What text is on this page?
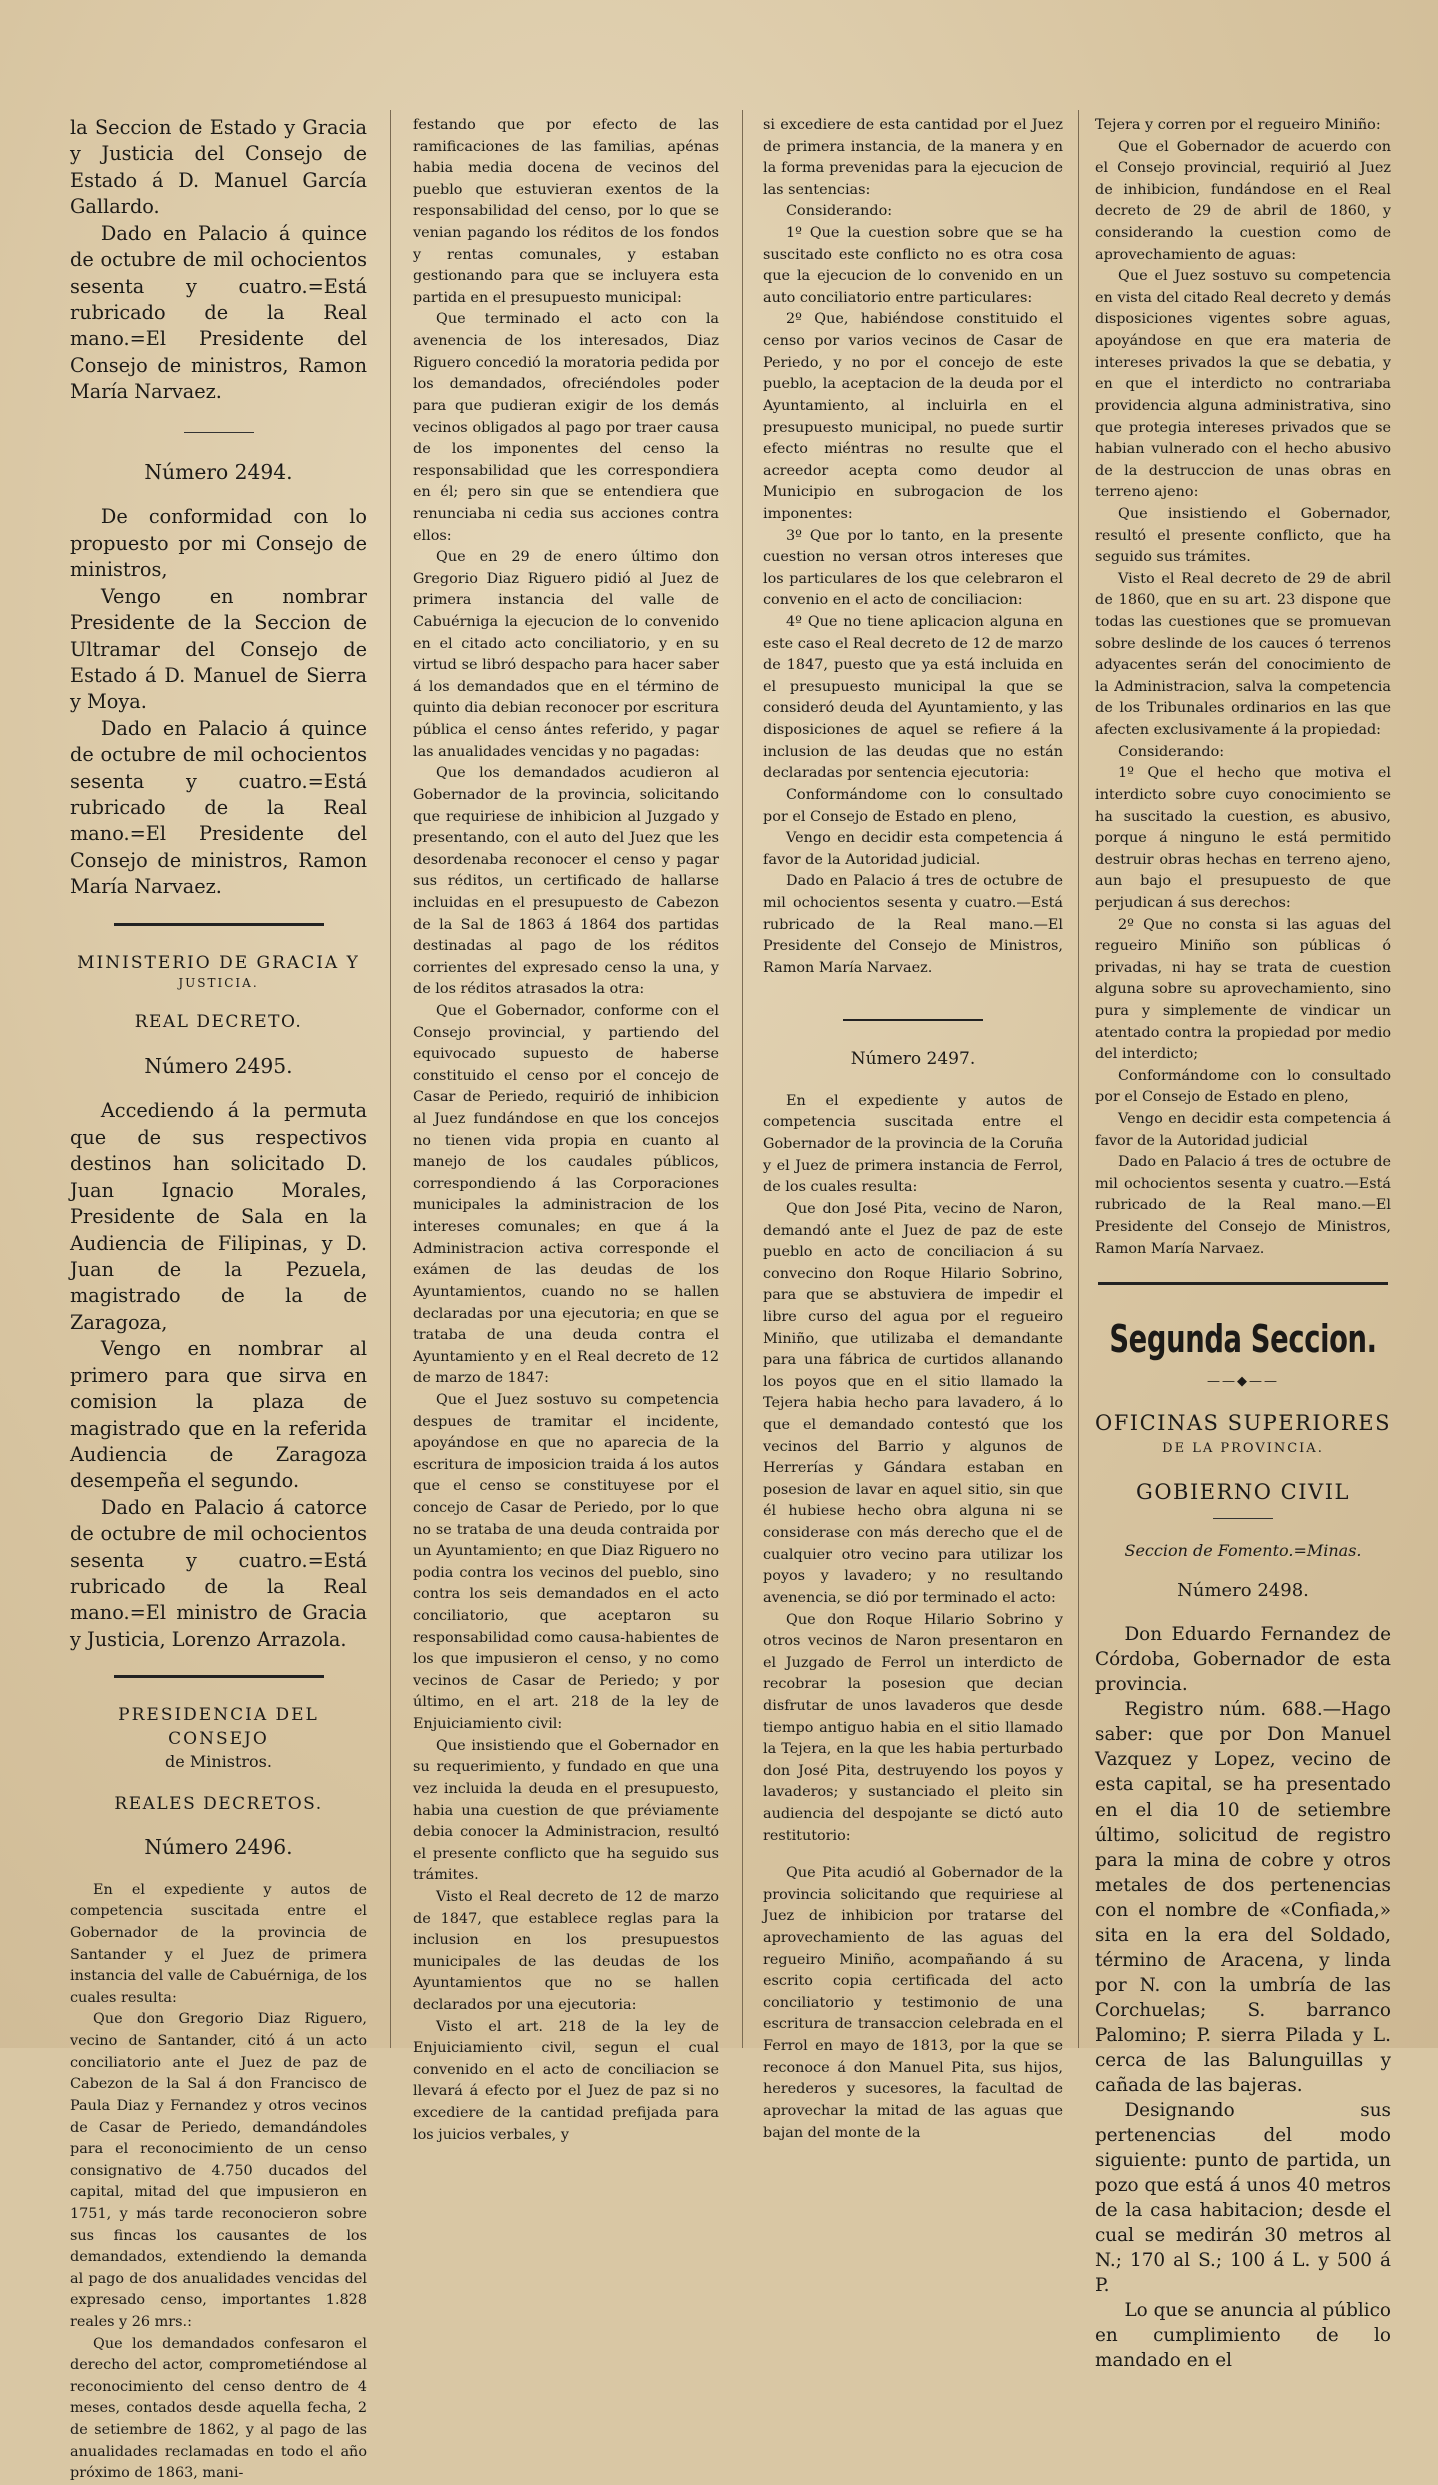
la Seccion de Estado y Gracia y Justicia del Consejo de Estado á D. Manuel García Gallardo.

Dado en Palacio á quince de octubre de mil ochocientos sesenta y cuatro.=Está rubricado de la Real mano.=El Presidente del Consejo de ministros, Ramon María Narvaez.

Número 2494.

De conformidad con lo propuesto por mi Consejo de ministros,

Vengo en nombrar Presidente de la Seccion de Ultramar del Consejo de Estado á D. Manuel de Sierra y Moya.

Dado en Palacio á quince de octubre de mil ochocientos sesenta y cuatro.=Está rubricado de la Real mano.=El Presidente del Consejo de ministros, Ramon María Narvaez.

MINISTERIO DE GRACIA Y
JUSTICIA.
REAL DECRETO.
Número 2495.

Accediendo á la permuta que de sus respectivos destinos han solicitado D. Juan Ignacio Morales, Presidente de Sala en la Audiencia de Filipinas, y D. Juan de la Pezuela, magistrado de la de Zaragoza,

Vengo en nombrar al primero para que sirva en comision la plaza de magistrado que en la referida Audiencia de Zaragoza desempeña el segundo.

Dado en Palacio á catorce de octubre de mil ochocientos sesenta y cuatro.=Está rubricado de la Real mano.=El ministro de Gracia y Justicia, Lorenzo Arrazola.

PRESIDENCIA DEL CONSEJO
de Ministros.
REALES DECRETOS.
Número 2496.

En el expediente y autos de competencia suscitada entre el Gobernador de la provincia de Santander y el Juez de primera instancia del valle de Cabuérniga, de los cuales resulta:

Que don Gregorio Diaz Riguero, vecino de Santander, citó á un acto conciliatorio ante el Juez de paz de Cabezon de la Sal á don Francisco de Paula Diaz y Fernandez y otros vecinos de Casar de Periedo, demandándoles para el reconocimiento de un censo consignativo de 4.750 ducados del capital, mitad del que impusieron en 1751, y más tarde reconocieron sobre sus fincas los causantes de los demandados, extendiendo la demanda al pago de dos anualidades vencidas del expresado censo, importantes 1.828 reales y 26 mrs.:

Que los demandados confesaron el derecho del actor, comprometiéndose al reconocimiento del censo dentro de 4 meses, contados desde aquella fecha, 2 de setiembre de 1862, y al pago de las anualidades reclamadas en todo el año próximo de 1863, mani-

festando que por efecto de las ramificaciones de las familias, apénas habia media docena de vecinos del pueblo que estuvieran exentos de la responsabilidad del censo, por lo que se venian pagando los réditos de los fondos y rentas comunales, y estaban gestionando para que se incluyera esta partida en el presupuesto municipal:

Que terminado el acto con la avenencia de los interesados, Diaz Riguero concedió la moratoria pedida por los demandados, ofreciéndoles poder para que pudieran exigir de los demás vecinos obligados al pago por traer causa de los imponentes del censo la responsabilidad que les correspondiera en él; pero sin que se entendiera que renunciaba ni cedia sus acciones contra ellos:

Que en 29 de enero último don Gregorio Diaz Riguero pidió al Juez de primera instancia del valle de Cabuérniga la ejecucion de lo convenido en el citado acto conciliatorio, y en su virtud se libró despacho para hacer saber á los demandados que en el término de quinto dia debian reconocer por escritura pública el censo ántes referido, y pagar las anualidades vencidas y no pagadas:

Que los demandados acudieron al Gobernador de la provincia, solicitando que requiriese de inhibicion al Juzgado y presentando, con el auto del Juez que les desordenaba reconocer el censo y pagar sus réditos, un certificado de hallarse incluidas en el presupuesto de Cabezon de la Sal de 1863 á 1864 dos partidas destinadas al pago de los réditos corrientes del expresado censo la una, y de los réditos atrasados la otra:

Que el Gobernador, conforme con el Consejo provincial, y partiendo del equivocado supuesto de haberse constituido el censo por el concejo de Casar de Periedo, requirió de inhibicion al Juez fundándose en que los concejos no tienen vida propia en cuanto al manejo de los caudales públicos, correspondiendo á las Corporaciones municipales la administracion de los intereses comunales; en que á la Administracion activa corresponde el exámen de las deudas de los Ayuntamientos, cuando no se hallen declaradas por una ejecutoria; en que se trataba de una deuda contra el Ayuntamiento y en el Real decreto de 12 de marzo de 1847:

Que el Juez sostuvo su competencia despues de tramitar el incidente, apoyándose en que no aparecia de la escritura de imposicion traida á los autos que el censo se constituyese por el concejo de Casar de Periedo, por lo que no se trataba de una deuda contraida por un Ayuntamiento; en que Diaz Riguero no podia contra los vecinos del pueblo, sino contra los seis demandados en el acto conciliatorio, que aceptaron su responsabilidad como causa-habientes de los que impusieron el censo, y no como vecinos de Casar de Periedo; y por último, en el art. 218 de la ley de Enjuiciamiento civil:

Que insistiendo que el Gobernador en su requerimiento, y fundado en que una vez incluida la deuda en el presupuesto, habia una cuestion de que préviamente debia conocer la Administracion, resultó el presente conflicto que ha seguido sus trámites.

Visto el Real decreto de 12 de marzo de 1847, que establece reglas para la inclusion en los presupuestos municipales de las deudas de los Ayuntamientos que no se hallen declarados por una ejecutoria:

Visto el art. 218 de la ley de Enjuiciamiento civil, segun el cual convenido en el acto de conciliacion se llevará á efecto por el Juez de paz si no excediere de la cantidad prefijada para los juicios verbales, y

si excediere de esta cantidad por el Juez de primera instancia, de la manera y en la forma prevenidas para la ejecucion de las sentencias:

Considerando:

1º Que la cuestion sobre que se ha suscitado este conflicto no es otra cosa que la ejecucion de lo convenido en un auto conciliatorio entre particulares:

2º Que, habiéndose constituido el censo por varios vecinos de Casar de Periedo, y no por el concejo de este pueblo, la aceptacion de la deuda por el Ayuntamiento, al incluirla en el presupuesto municipal, no puede surtir efecto miéntras no resulte que el acreedor acepta como deudor al Municipio en subrogacion de los imponentes:

3º Que por lo tanto, en la presente cuestion no versan otros intereses que los particulares de los que celebraron el convenio en el acto de conciliacion:

4º Que no tiene aplicacion alguna en este caso el Real decreto de 12 de marzo de 1847, puesto que ya está incluida en el presupuesto municipal la que se consideró deuda del Ayuntamiento, y las disposiciones de aquel se refiere á la inclusion de las deudas que no están declaradas por sentencia ejecutoria:

Conformándome con lo consultado por el Consejo de Estado en pleno,

Vengo en decidir esta competencia á favor de la Autoridad judicial.

Dado en Palacio á tres de octubre de mil ochocientos sesenta y cuatro.—Está rubricado de la Real mano.—El Presidente del Consejo de Ministros, Ramon María Narvaez.

Número 2497.

En el expediente y autos de competencia suscitada entre el Gobernador de la provincia de la Coruña y el Juez de primera instancia de Ferrol, de los cuales resulta:

Que don José Pita, vecino de Naron, demandó ante el Juez de paz de este pueblo en acto de conciliacion á su convecino don Roque Hilario Sobrino, para que se abstuviera de impedir el libre curso del agua por el regueiro Miniño, que utilizaba el demandante para una fábrica de curtidos allanando los poyos que en el sitio llamado la Tejera habia hecho para lavadero, á lo que el demandado contestó que los vecinos del Barrio y algunos de Herrerías y Gándara estaban en posesion de lavar en aquel sitio, sin que él hubiese hecho obra alguna ni se considerase con más derecho que el de cualquier otro vecino para utilizar los poyos y lavadero; y no resultando avenencia, se dió por terminado el acto:

Que don Roque Hilario Sobrino y otros vecinos de Naron presentaron en el Juzgado de Ferrol un interdicto de recobrar la posesion que decian disfrutar de unos lavaderos que desde tiempo antiguo habia en el sitio llamado la Tejera, en la que les habia perturbado don José Pita, destruyendo los poyos y lavaderos; y sustanciado el pleito sin audiencia del despojante se dictó auto restitutorio:

Que Pita acudió al Gobernador de la provincia solicitando que requiriese al Juez de inhibicion por tratarse del aprovechamiento de las aguas del regueiro Miniño, acompañando á su escrito copia certificada del acto conciliatorio y testimonio de una escritura de transaccion celebrada en el Ferrol en mayo de 1813, por la que se reconoce á don Manuel Pita, sus hijos, herederos y sucesores, la facultad de aprovechar la mitad de las aguas que bajan del monte de la

Tejera y corren por el regueiro Miniño:

Que el Gobernador de acuerdo con el Consejo provincial, requirió al Juez de inhibicion, fundándose en el Real decreto de 29 de abril de 1860, y considerando la cuestion como de aprovechamiento de aguas:

Que el Juez sostuvo su competencia en vista del citado Real decreto y demás disposiciones vigentes sobre aguas, apoyándose en que era materia de intereses privados la que se debatia, y en que el interdicto no contrariaba providencia alguna administrativa, sino que protegia intereses privados que se habian vulnerado con el hecho abusivo de la destruccion de unas obras en terreno ajeno:

Que insistiendo el Gobernador, resultó el presente conflicto, que ha seguido sus trámites.

Visto el Real decreto de 29 de abril de 1860, que en su art. 23 dispone que todas las cuestiones que se promuevan sobre deslinde de los cauces ó terrenos adyacentes serán del conocimiento de la Administracion, salva la competencia de los Tribunales ordinarios en las que afecten exclusivamente á la propiedad:

Considerando:

1º Que el hecho que motiva el interdicto sobre cuyo conocimiento se ha suscitado la cuestion, es abusivo, porque á ninguno le está permitido destruir obras hechas en terreno ajeno, aun bajo el presupuesto de que perjudican á sus derechos:

2º Que no consta si las aguas del regueiro Miniño son públicas ó privadas, ni hay se trata de cuestion alguna sobre su aprovechamiento, sino pura y simplemente de vindicar un atentado contra la propiedad por medio del interdicto;

Conformándome con lo consultado por el Consejo de Estado en pleno,

Vengo en decidir esta competencia á favor de la Autoridad judicial

Dado en Palacio á tres de octubre de mil ochocientos sesenta y cuatro.—Está rubricado de la Real mano.—El Presidente del Consejo de Ministros, Ramon María Narvaez.

Segunda Seccion.
——◆——
OFICINAS SUPERIORES
DE LA PROVINCIA.
GOBIERNO CIVIL
Seccion de Fomento.=Minas.
Número 2498.

Don Eduardo Fernandez de Córdoba, Gobernador de esta provincia.

Registro núm. 688.—Hago saber: que por Don Manuel Vazquez y Lopez, vecino de esta capital, se ha presentado en el dia 10 de setiembre último, solicitud de registro para la mina de cobre y otros metales de dos pertenencias con el nombre de «Confiada,» sita en la era del Soldado, término de Aracena, y linda por N. con la umbría de las Corchuelas; S. barranco Palomino; P. sierra Pilada y L. cerca de las Balunguillas y cañada de las bajeras.

Designando sus pertenencias del modo siguiente: punto de partida, un pozo que está á unos 40 metros de la casa habitacion; desde el cual se medirán 30 metros al N.; 170 al S.; 100 á L. y 500 á P.

Lo que se anuncia al público en cumplimiento de lo mandado en el
